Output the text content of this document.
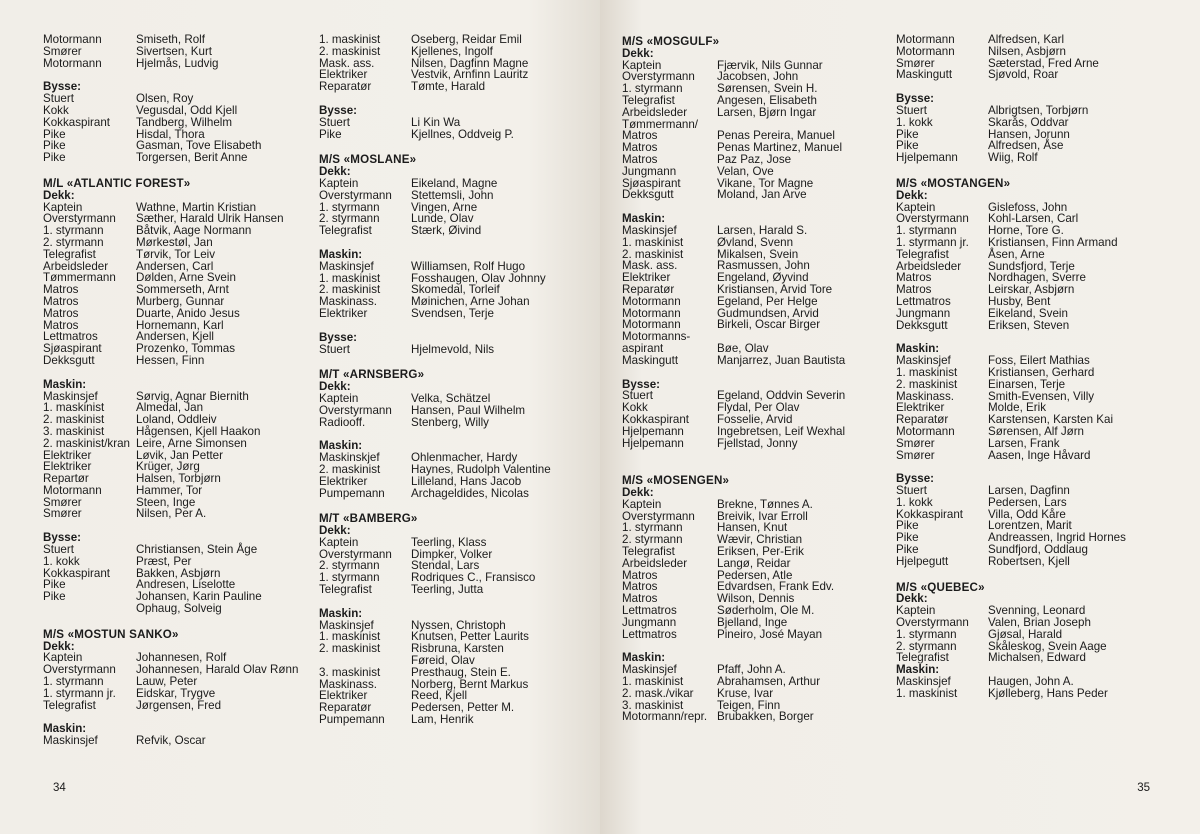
Motormann	Smiseth, Rolf
Smører	Sivertsen, Kurt
Motormann	Hjelmås, Ludvig
Bysse:
Stuert	Olsen, Roy
Kokk	Vegusdal, Odd Kjell
Kokkaspirant	Tandberg, Wilhelm
Pike	Hisdal, Thora
Pike	Gasman, Tove Elisabeth
Pike	Torgersen, Berit Anne
M/L «ATLANTIC FOREST»
Dekk:
Kaptein	Wathne, Martin Kristian
Overstyrmann	Sæther, Harald Ulrik Hansen
1. styrmann	Båtvik, Aage Normann
2. styrmann	Mørkestøl, Jan
Telegrafist	Tørvik, Tor Leiv
Arbeidsleder	Andersen, Carl
Tømmermann	Dølden, Arne Svein
Matros	Sommerseth, Arnt
Matros	Murberg, Gunnar
Matros	Duarte, Anido Jesus
Matros	Hornemann, Karl
Lettmatros	Andersen, Kjell
Sjøaspirant	Prozenko, Tommas
Dekksgutt	Hessen, Finn
Maskin:
Maskinsjef	Sørvig, Agnar Biernith
1. maskinist	Almedal, Jan
2. maskinist	Loland, Oddleiv
3. maskinist	Hågensen, Kjell Haakon
2. maskinist/kran Leire, Arne Simonsen
Elektriker	Løvik, Jan Petter
Elektriker	Krüger, Jørg
Repartør	Halsen, Torbjørn
Motormann	Hammer, Tor
Smører	Steen, Inge
Smører	Nilsen, Per A.
Bysse:
Stuert	Christiansen, Stein Åge
1. kokk	Præst, Per
Kokkaspirant	Bakken, Asbjørn
Pike	Andresen, Liselotte
Pike	Johansen, Karin Pauline
Ophaug, Solveig
M/S «MOSTUN SANKO»
Dekk:
Kaptein	Johannesen, Rolf
Overstyrmann	Johannesen, Harald Olav Rønn
1. styrmann	Lauw, Peter
1. styrmann jr.	Eidskar, Trygve
Telegrafist	Jørgensen, Fred
Maskin:
Maskinsjef	Refvik, Oscar
1. maskinist	Oseberg, Reidar Emil
2. maskinist	Kjellenes, Ingolf
Mask. ass.	Nilsen, Dagfinn Magne
Elektriker	Vestvik, Arnfinn Lauritz
Reparatør	Tømte, Harald
Bysse:
Stuert	Li Kin Wa
Pike	Kjellnes, Oddveig P.
M/S «MOSLANE»
Dekk:
Kaptein	Eikeland, Magne
Overstyrmann	Stettemsli, John
1. styrmann	Vingen, Arne
2. styrmann	Lunde, Olav
Telegrafist	Stærk, Øivind
Maskin:
Maskinsjef	Williamsen, Rolf Hugo
1. maskinist	Fosshaugen, Olav Johnny
2. maskinist	Skomedal, Torleif
Maskinass.	Møinichen, Arne Johan
Elektriker	Svendsen, Terje
Bysse:
Stuert	Hjelmevold, Nils
M/T «ARNSBERG»
Dekk:
Kaptein	Velka, Schätzel
Overstyrmann	Hansen, Paul Wilhelm
Radiooff.	Stenberg, Willy
Maskin:
Maskinskjef	Ohlenmacher, Hardy
2. maskinist	Haynes, Rudolph Valentine
Elektriker	Lilleland, Hans Jacob
Pumpemann	Archageldides, Nicolas
M/T «BAMBERG»
Dekk:
Kaptein	Teerling, Klass
Overstyrmann	Dimpker, Volker
2. styrmann	Stendal, Lars
1. styrmann	Rodriques C., Fransisco
Telegrafist	Teerling, Jutta
Maskin:
Maskinsjef	Nyssen, Christoph
1. maskinist	Knutsen, Petter Laurits
2. maskinist	Risbruna, Karsten
Føreid, Olav
3. maskinist	Presthaug, Stein E.
Maskinass.	Norberg, Bernt Markus
Elektriker	Reed, Kjell
Reparatør	Pedersen, Petter M.
Pumpemann	Lam, Henrik
34
M/S «MOSGULF»
Dekk:
Kaptein	Fjærvik, Nils Gunnar
Overstyrmann	Jacobsen, John
1. styrmann	Sørensen, Svein H.
Telegrafist	Angesen, Elisabeth
Arbeidsleder	Larsen, Bjørn Ingar
Tømmermann/
Matros	Penas Pereira, Manuel
Matros	Penas Martinez, Manuel
Matros	Paz Paz, Jose
Jungmann	Velan, Ove
Sjøaspirant	Vikane, Tor Magne
Dekksgutt	Moland, Jan Arve
Maskin:
Maskinsjef	Larsen, Harald S.
1. maskinist	Øvland, Svenn
2. maskinist	Mikalsen, Svein
Mask. ass.	Rasmussen, John
Elektriker	Engeland, Øyvind
Reparatør	Kristiansen, Arvid Tore
Motormann	Egeland, Per Helge
Motormann	Gudmundsen, Arvid
Motormann	Birkeli, Oscar Birger
Motormanns-
aspirant	Bøe, Olav
Maskingutt	Manjarrez, Juan Bautista
Bysse:
Stuert	Egeland, Oddvin Severin
Kokk	Flydal, Per Olav
Kokkaspirant	Fosselie, Arvid
Hjelpemann	Ingebretsen, Leif Wexhal
Hjelpemann	Fjellstad, Jonny
M/S «MOSENGEN»
Dekk:
Kaptein	Brekne, Tønnes A.
Overstyrmann	Breivik, Ivar Erroll
1. styrmann	Hansen, Knut
2. styrmann	Wævir, Christian
Telegrafist	Eriksen, Per-Erik
Arbeidsleder	Langø, Reidar
Matros	Pedersen, Atle
Matros	Edvardsen, Frank Edv.
Matros	Wilson, Dennis
Lettmatros	Søderholm, Ole M.
Jungmann	Bjelland, Inge
Lettmatros	Pineiro, José Mayan
Maskin:
Maskinsjef	Pfaff, John A.
1. maskinist	Abrahamsen, Arthur
2. mask./vikar	Kruse, Ivar
3. maskinist	Teigen, Finn
Motormann/repr. Brubakken, Borger
Motormann	Alfredsen, Karl
Motormann	Nilsen, Asbjørn
Smører	Sæterstad, Fred Arne
Maskingutt	Sjøvold, Roar
Bysse:
Stuert	Albrigtsen, Torbjørn
1. kokk	Skarås, Oddvar
Pike	Hansen, Jorunn
Pike	Alfredsen, Åse
Hjelpemann	Wiig, Rolf
M/S «MOSTANGEN»
Dekk:
Kaptein	Gislefoss, John
Overstyrmann	Kohl-Larsen, Carl
1. styrmann	Horne, Tore G.
1. styrmann jr.	Kristiansen, Finn Armand
Telegrafist	Åsen, Arne
Arbeidsleder	Sundsfjord, Terje
Matros	Nordhagen, Sverre
Matros	Leirskar, Asbjørn
Lettmatros	Husby, Bent
Jungmann	Eikeland, Svein
Dekksgutt	Eriksen, Steven
Maskin:
Maskinsjef	Foss, Eilert Mathias
1. maskinist	Kristiansen, Gerhard
2. maskinist	Einarsen, Terje
Maskinass.	Smith-Evensen, Villy
Elektriker	Molde, Erik
Reparatør	Karstensen, Karsten Kai
Motormann	Sørensen, Alf Jørn
Smører	Larsen, Frank
Smører	Aasen, Inge Håvard
Bysse:
Stuert	Larsen, Dagfinn
1. kokk	Pedersen, Lars
Kokkaspirant	Villa, Odd Kåre
Pike	Lorentzen, Marit
Pike	Andreassen, Ingrid Hornes
Pike	Sundfjord, Oddlaug
Hjelpegutt	Robertsen, Kjell
M/S «QUEBEC»
Dekk:
Kaptein	Svenning, Leonard
Overstyrmann	Valen, Brian Joseph
1. styrmann	Gjøsal, Harald
2. styrmann	Skåleskog, Svein Aage
Telegrafist	Michalsen, Edward
Maskin:
Maskinsjef	Haugen, John A.
1. maskinist	Kjølleberg, Hans Peder
35
